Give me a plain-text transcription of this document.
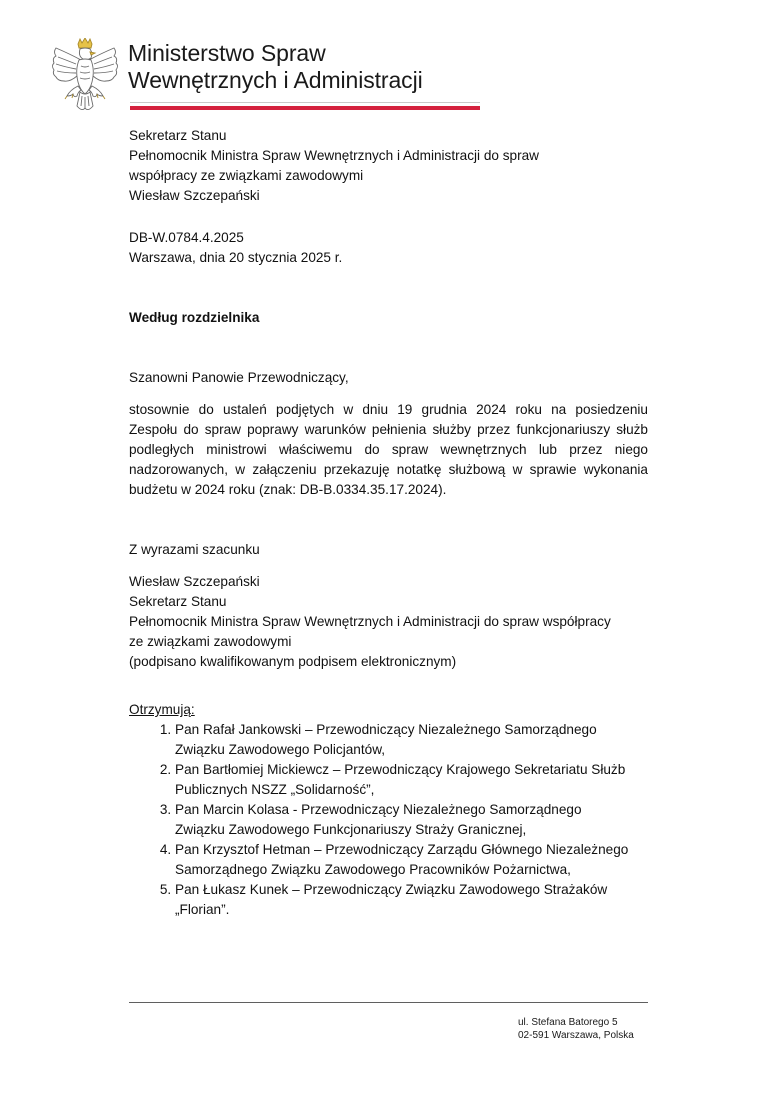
Ministerstwo Spraw
Wewnętrznych i Administracji
Sekretarz Stanu
Pełnomocnik Ministra Spraw Wewnętrznych i Administracji do spraw
współpracy ze związkami zawodowymi
Wiesław Szczepański
DB-W.0784.4.2025
Warszawa, dnia 20 stycznia 2025 r.
Według rozdzielnika
Szanowni Panowie Przewodniczący,
stosownie do ustaleń podjętych w dniu 19 grudnia 2024 roku na posiedzeniu
Zespołu do spraw poprawy warunków pełnienia służby przez funkcjonariuszy służb
podległych ministrowi właściwemu do spraw wewnętrznych lub przez niego
nadzorowanych, w załączeniu przekazuję notatkę służbową w sprawie wykonania
budżetu w 2024 roku (znak: DB-B.0334.35.17.2024).
Z wyrazami szacunku
Wiesław Szczepański
Sekretarz Stanu
Pełnomocnik Ministra Spraw Wewnętrznych i Administracji do spraw współpracy
ze związkami zawodowymi
(podpisano kwalifikowanym podpisem elektronicznym)
Otrzymują:
1. Pan Rafał Jankowski – Przewodniczący Niezależnego Samorządnego
Związku Zawodowego Policjantów,
2. Pan Bartłomiej Mickiewcz – Przewodniczący Krajowego Sekretariatu Służb
Publicznych NSZZ „Solidarność”,
3. Pan Marcin Kolasa - Przewodniczący Niezależnego Samorządnego
Związku Zawodowego Funkcjonariuszy Straży Granicznej,
4. Pan Krzysztof Hetman – Przewodniczący Zarządu Głównego Niezależnego
Samorządnego Związku Zawodowego Pracowników Pożarnictwa,
5. Pan Łukasz Kunek – Przewodniczący Związku Zawodowego Strażaków
„Florian”.
ul. Stefana Batorego 5
02-591 Warszawa, Polska
